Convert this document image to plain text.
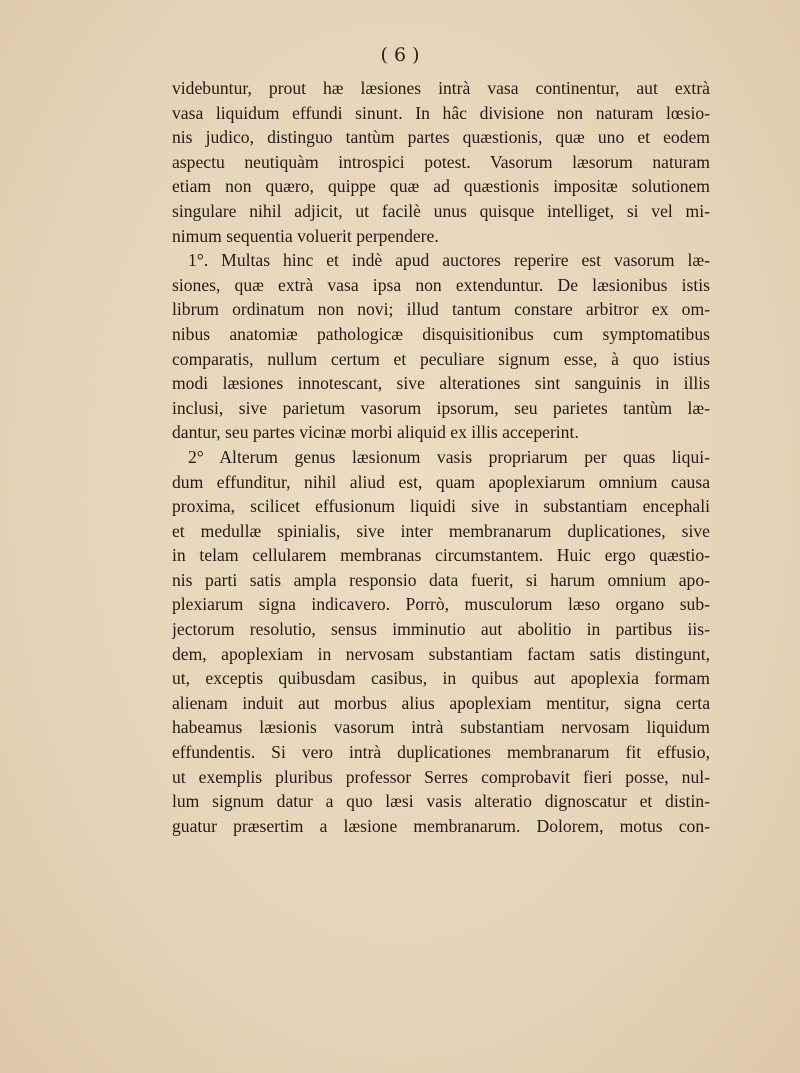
( 6 )
videbuntur, prout hæ læsiones intrà vasa continentur, aut extrà
vasa liquidum effundi sinunt. In hâc divisione non naturam lœsio-
nis judico, distinguo tantùm partes quæstionis, quæ uno et eodem
aspectu neutiquàm introspici potest. Vasorum læsorum naturam
etiam non quæro, quippe quæ ad quæstionis impositæ solutionem
singulare nihil adjicit, ut facilè unus quisque intelliget, si vel mi-
nimum sequentia voluerit perpendere.
1°. Multas hinc et indè apud auctores reperire est vasorum læ-
siones, quæ extrà vasa ipsa non extenduntur. De læsionibus istis
librum ordinatum non novi; illud tantum constare arbitror ex om-
nibus anatomiæ pathologicæ disquisitionibus cum symptomatibus
comparatis, nullum certum et peculiare signum esse, à quo istius
modi læsiones innotescant, sive alterationes sint sanguinis in illis
inclusi, sive parietum vasorum ipsorum, seu parietes tantùm læ-
dantur, seu partes vicinæ morbi aliquid ex illis acceperint.
2° Alterum genus læsionum vasis propriarum per quas liqui-
dum effunditur, nihil aliud est, quam apoplexiarum omnium causa
proxima, scilicet effusionum liquidi sive in substantiam encephali
et medullæ spinialis, sive inter membranarum duplicationes, sive
in telam cellularem membranas circumstantem. Huic ergo quæstio-
nis parti satis ampla responsio data fuerit, si harum omnium apo-
plexiarum signa indicavero. Porrò, musculorum læso organo sub-
jectorum resolutio, sensus imminutio aut abolitio in partibus iis-
dem, apoplexiam in nervosam substantiam factam satis distingunt,
ut, exceptis quibusdam casibus, in quibus aut apoplexia formam
alienam induit aut morbus alius apoplexiam mentitur, signa certa
habeamus læsionis vasorum intrà substantiam nervosam liquidum
effundentis. Si vero intrà duplicationes membranarum fit effusio,
ut exemplis pluribus professor Serres comprobavit fieri posse, nul-
lum signum datur a quo læsi vasis alteratio dignoscatur et distin-
guatur præsertim a læsione membranarum. Dolorem, motus con-
